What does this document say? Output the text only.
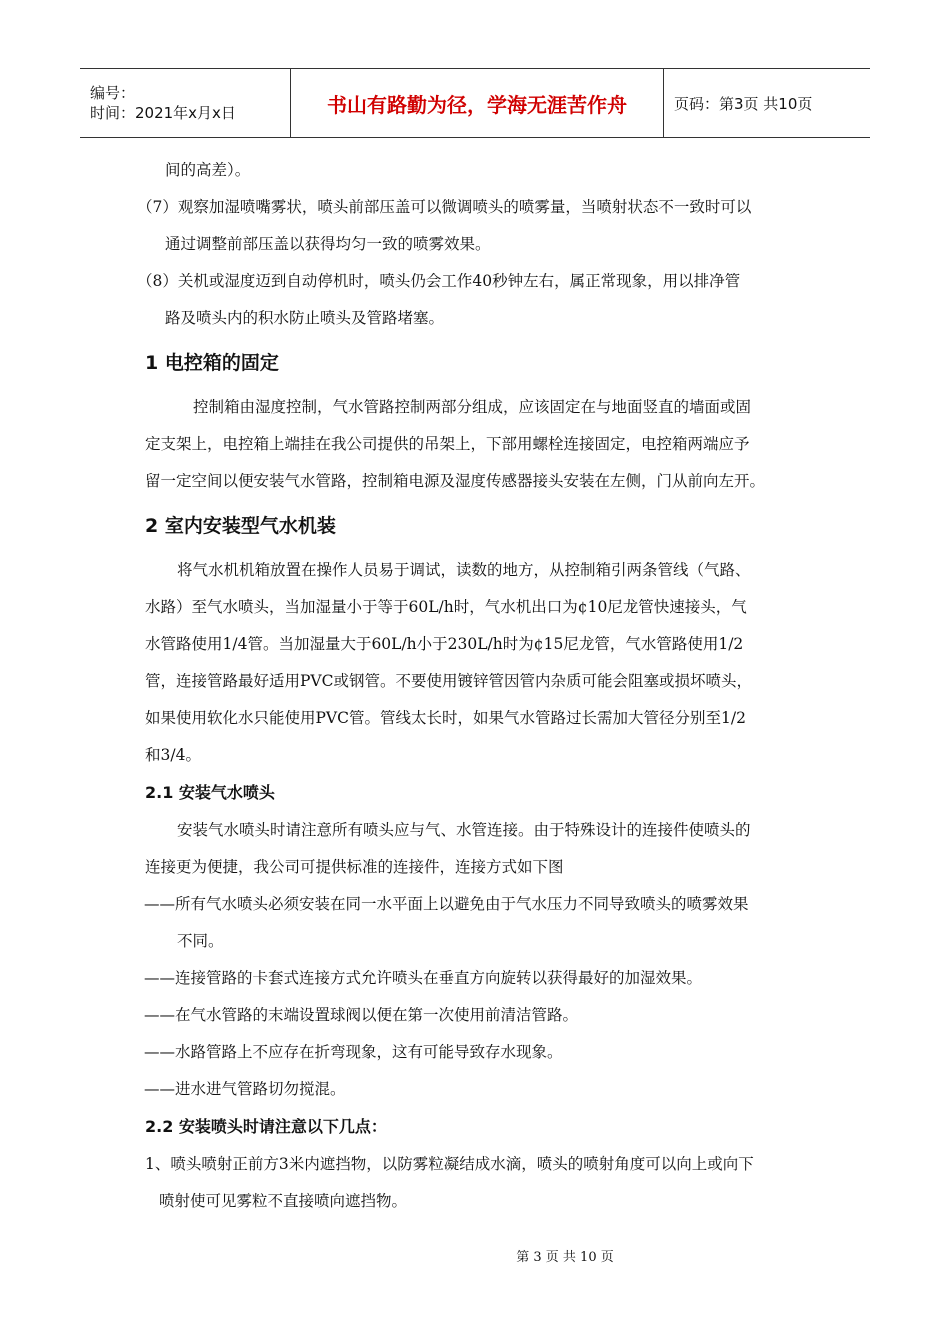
编号：
时间：2021年x月x日	书山有路勤为径，学海无涯苦作舟	页码：第3页 共10页
间的高差）。
（7）观察加湿喷嘴雾状，喷头前部压盖可以微调喷头的喷雾量，当喷射状态不一致时可以
通过调整前部压盖以获得均匀一致的喷雾效果。
（8）关机或湿度迈到自动停机时，喷头仍会工作40秒钟左右，属正常现象，用以排净管
路及喷头内的积水防止喷头及管路堵塞。
1 电控箱的固定
控制箱由湿度控制，气水管路控制两部分组成，应该固定在与地面竖直的墙面或固
定支架上，电控箱上端挂在我公司提供的吊架上，下部用螺栓连接固定，电控箱两端应予
留一定空间以便安装气水管路，控制箱电源及湿度传感器接头安装在左侧，门从前向左开。
2 室内安装型气水机装
将气水机机箱放置在操作人员易于调试，读数的地方，从控制箱引两条管线（气路、
水路）至气水喷头，当加湿量小于等于60L/h时，气水机出口为¢10尼龙管快速接头，气
水管路使用1/4管。当加湿量大于60L/h小于230L/h时为¢15尼龙管，气水管路使用1/2
管，连接管路最好适用PVC或钢管。不要使用镀锌管因管内杂质可能会阻塞或损坏喷头，
如果使用软化水只能使用PVC管。管线太长时，如果气水管路过长需加大管径分别至1/2
和3/4。
2.1 安装气水喷头
安装气水喷头时请注意所有喷头应与气、水管连接。由于特殊设计的连接件使喷头的
连接更为便捷，我公司可提供标准的连接件，连接方式如下图
——所有气水喷头必须安装在同一水平面上以避免由于气水压力不同导致喷头的喷雾效果
不同。
——连接管路的卡套式连接方式允许喷头在垂直方向旋转以获得最好的加湿效果。
——在气水管路的末端设置球阀以便在第一次使用前清洁管路。
——水路管路上不应存在折弯现象，这有可能导致存水现象。
——进水进气管路切勿搅混。
2.2 安装喷头时请注意以下几点：
1、喷头喷射正前方3米内遮挡物，以防雾粒凝结成水滴，喷头的喷射角度可以向上或向下
喷射使可见雾粒不直接喷向遮挡物。
第 3 页 共 10 页
